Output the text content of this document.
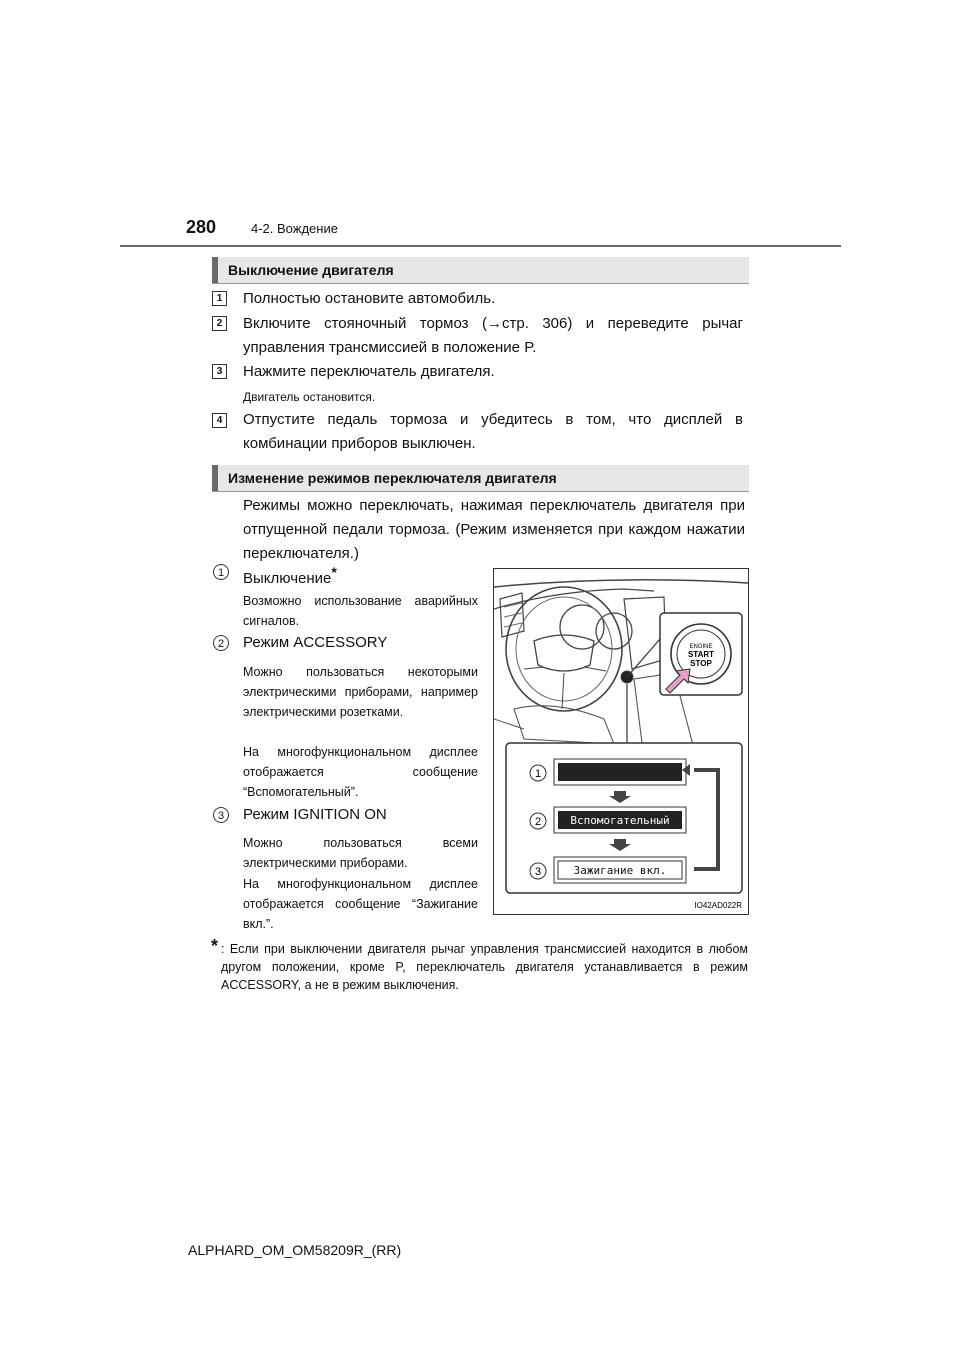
280	4-2. Вождение
Выключение двигателя
1	Полностью остановите автомобиль.
2	Включите стояночный тормоз (→стр. 306) и переведите рычаг управления трансмиссией в положение P.
3	Нажмите переключатель двигателя.
Двигатель остановится.
4	Отпустите педаль тормоза и убедитесь в том, что дисплей в комбинации приборов выключен.
Изменение режимов переключателя двигателя
Режимы можно переключать, нажимая переключатель двигателя при отпущенной педали тормоза. (Режим изменяется при каждом нажатии переключателя.)
1	Выключение*
Возможно использование аварийных сигналов.
2	Режим ACCESSORY
Можно пользоваться некоторыми электрическими приборами, например электрическими розетками.
На многофункциональном дисплее отображается сообщение “Вспомогательный”.
3	Режим IGNITION ON
Можно пользоваться всеми электрическими приборами.
На многофункциональном дисплее отображается сообщение “Зажигание вкл.”.
ENGINE
START
STOP
1
2
3
Вспомогательный
Зажигание вкл.
IO42AD022R
* : Если при выключении двигателя рычаг управления трансмиссией находится в любом другом положении, кроме P, переключатель двигателя устанавливается в режим ACCESSORY, а не в режим выключения.
ALPHARD_OM_OM58209R_(RR)
